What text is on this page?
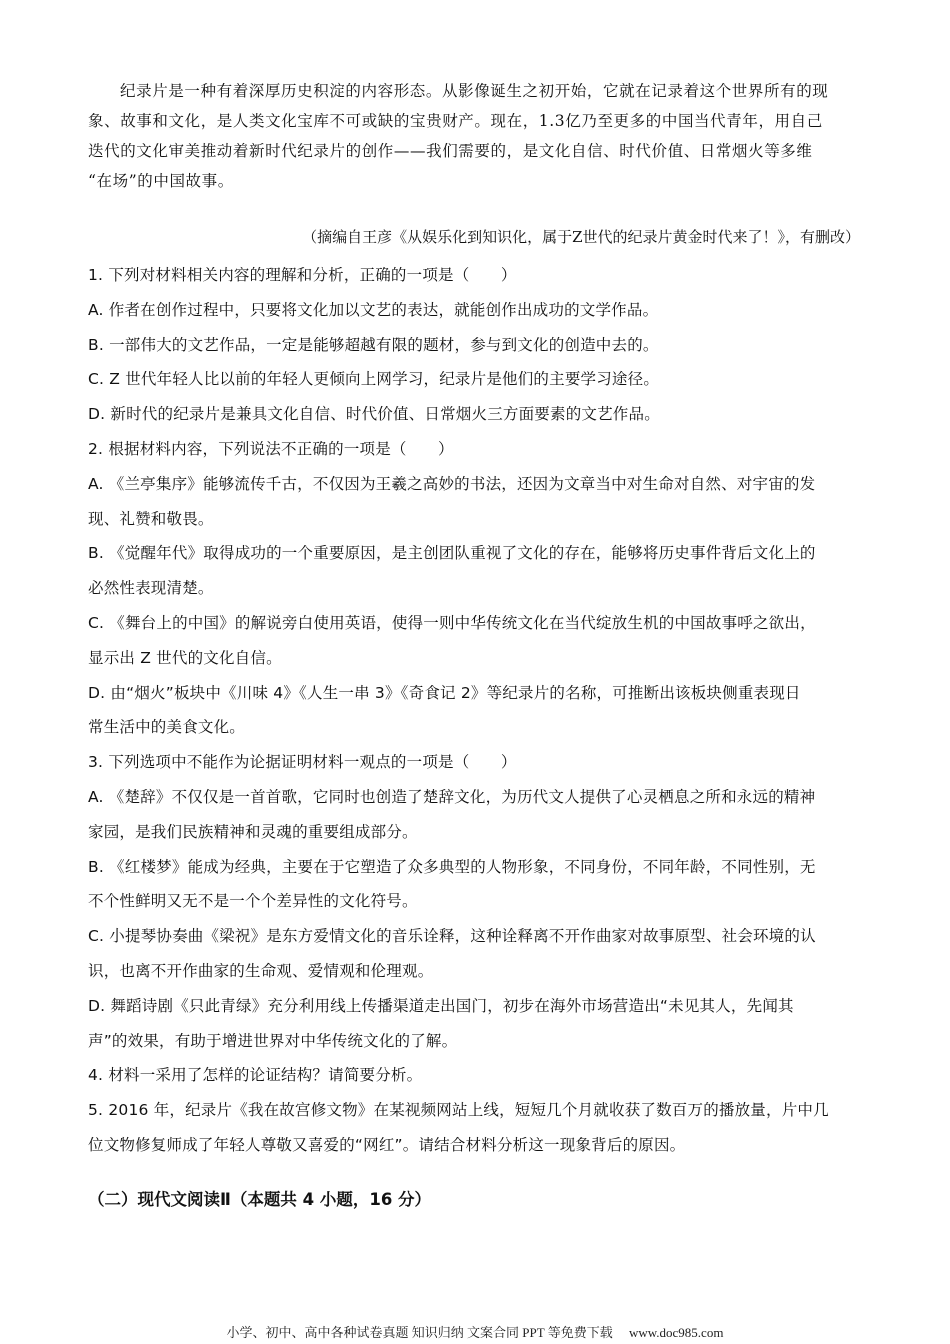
纪录片是一种有着深厚历史积淀的内容形态。从影像诞生之初开始，它就在记录着这个世界所有的现

象、故事和文化，是人类文化宝库不可或缺的宝贵财产。现在，1.3亿乃至更多的中国当代青年，用自己

迭代的文化审美推动着新时代纪录片的创作——我们需要的，是文化自信、时代价值、日常烟火等多维

“在场”的中国故事。

（摘编自王彦《从娱乐化到知识化，属于Z世代的纪录片黄金时代来了！》，有删改）

1. 下列对材料相关内容的理解和分析，正确的一项是（　　）

A. 作者在创作过程中，只要将文化加以文艺的表达，就能创作出成功的文学作品。

B. 一部伟大的文艺作品，一定是能够超越有限的题材，参与到文化的创造中去的。

C. Z 世代年轻人比以前的年轻人更倾向上网学习，纪录片是他们的主要学习途径。

D. 新时代的纪录片是兼具文化自信、时代价值、日常烟火三方面要素的文艺作品。

2. 根据材料内容，下列说法不正确的一项是（　　）

A. 《兰亭集序》能够流传千古，不仅因为王羲之高妙的书法，还因为文章当中对生命对自然、对宇宙的发

现、礼赞和敬畏。

B. 《觉醒年代》取得成功的一个重要原因，是主创团队重视了文化的存在，能够将历史事件背后文化上的

必然性表现清楚。

C. 《舞台上的中国》的解说旁白使用英语，使得一则中华传统文化在当代绽放生机的中国故事呼之欲出，

显示出 Z 世代的文化自信。

D. 由“烟火”板块中《川味 4》《人生一串 3》《奇食记 2》等纪录片的名称，可推断出该板块侧重表现日

常生活中的美食文化。

3. 下列选项中不能作为论据证明材料一观点的一项是（　　）

A. 《楚辞》不仅仅是一首首歌，它同时也创造了楚辞文化，为历代文人提供了心灵栖息之所和永远的精神

家园，是我们民族精神和灵魂的重要组成部分。

B. 《红楼梦》能成为经典，主要在于它塑造了众多典型的人物形象，不同身份，不同年龄，不同性别，无

不个性鲜明又无不是一个个差异性的文化符号。

C. 小提琴协奏曲《梁祝》是东方爱情文化的音乐诠释，这种诠释离不开作曲家对故事原型、社会环境的认

识，也离不开作曲家的生命观、爱情观和伦理观。

D. 舞蹈诗剧《只此青绿》充分利用线上传播渠道走出国门，初步在海外市场营造出“未见其人，先闻其

声”的效果，有助于增进世界对中华传统文化的了解。

4. 材料一采用了怎样的论证结构？请简要分析。

5. 2016 年，纪录片《我在故宫修文物》在某视频网站上线，短短几个月就收获了数百万的播放量，片中几

位文物修复师成了年轻人尊敬又喜爱的“网红”。请结合材料分析这一现象背后的原因。

（二）现代文阅读Ⅱ（本题共 4 小题，16 分）
小学、初中、高中各种试卷真题 知识归纳 文案合同 PPT 等免费下载　 www.doc985.com
